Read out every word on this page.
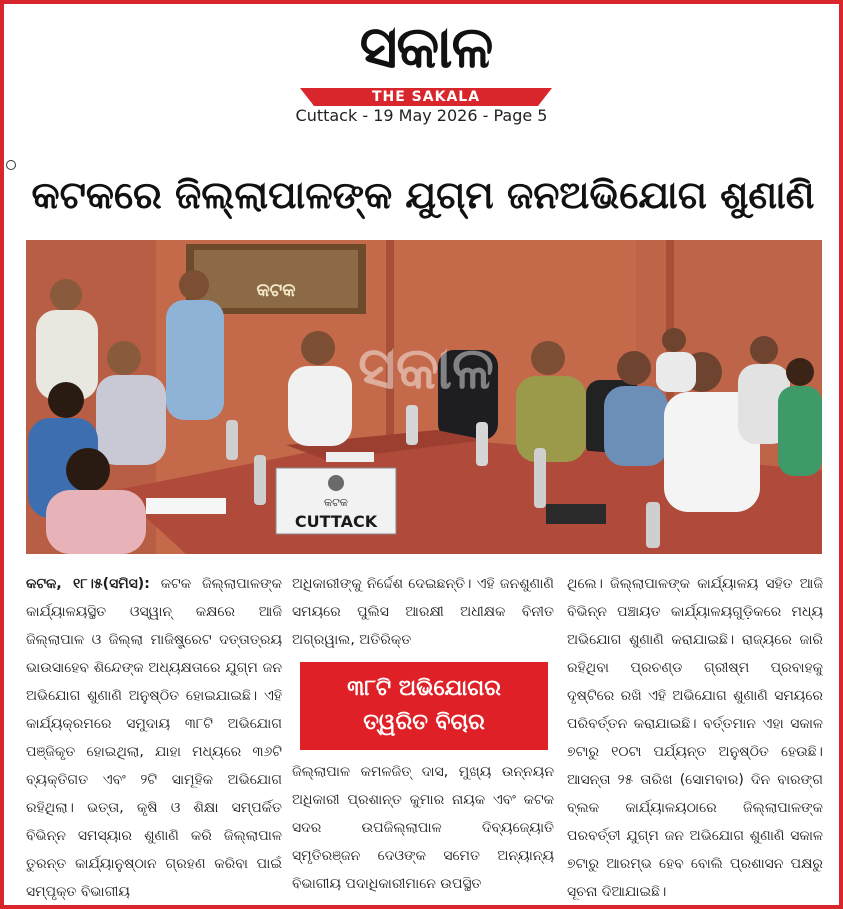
ସକାଳ
THE SAKALA
Cuttack - 19 May 2026 - Page 5
କଟକରେ ଜିଲ୍ଲାପାଳଙ୍କ ଯୁଗ୍ମ ଜନଅଭିଯୋଗ ଶୁଣାଣି
କଟକ
କଟକ
CUTTACK
ସକାଳ
କଟକ, ୧୮।୫(ସମିସ): କଟକ ଜିଲ୍ଲାପାଳଙ୍କ କାର୍ଯ୍ୟାଳୟସ୍ଥିତ ଓସ୍ୱାନ୍ କକ୍ଷରେ ଆଜି ଜିଲ୍ଲାପାଳ ଓ ଜିଲ୍ଲା ମାଜିଷ୍ଟ୍ରେଟ ଦତ୍ତାତ୍ରୟ ଭାଉସାହେବ ଶିନ୍ଦେଙ୍କ ଅଧ୍ୟକ୍ଷତାରେ ଯୁଗ୍ମ ଜନ ଅଭିଯୋଗ ଶୁଣାଣି ଅନୁଷ୍ଠିତ ହୋଇଯାଇଛି। ଏହି କାର୍ଯ୍ୟକ୍ରମରେ ସମୁଦାୟ ୩୮ଟି ଅଭିଯୋଗ ପଞ୍ଜିକୃତ ହୋଇଥିଲା, ଯାହା ମଧ୍ୟରେ ୩୬ଟି ବ୍ୟକ୍ତିଗତ ଏବଂ ୨ଟି ସାମୂହିକ ଅଭିଯୋଗ ରହିଥିଲା। ଭତ୍ତା, କୃଷି ଓ ଶିକ୍ଷା ସମ୍ପର୍କିତ ବିଭିନ୍ନ ସମସ୍ୟାର ଶୁଣାଣି କରି ଜିଲ୍ଲାପାଳ ତୁରନ୍ତ କାର୍ଯ୍ୟାନୁଷ୍ଠାନ ଗ୍ରହଣ କରିବା ପାଇଁ ସମ୍ପୃକ୍ତ ବିଭାଗୀୟ
ଅଧିକାରୀଙ୍କୁ ନିର୍ଦ୍ଦେଶ ଦେଇଛନ୍ତି। ଏହି ଜନଶୁଣାଣି ସମୟରେ ପୁଲିସ ଆରକ୍ଷୀ ଅଧୀକ୍ଷକ ବିନୀତ ଅଗ୍ରୱାଲ, ଅତିରିକ୍ତ
୩୮ଟି ଅଭିଯୋଗର
ତ୍ୱରିତ ବିଚାର
ଜିଲ୍ଲାପାଳ କମଳଜିତ୍ ଦାସ, ମୁଖ୍ୟ ଉନ୍ନୟନ ଅଧିକାରୀ ପ୍ରଶାନ୍ତ କୁମାର ନାୟକ ଏବଂ କଟକ ସଦର ଉପଜିଲ୍ଲାପାଳ ଦିବ୍ୟଜ୍ୟୋତି ସ୍ମୃତିରଞ୍ଜନ ଦେଓଙ୍କ ସମେତ ଅନ୍ୟାନ୍ୟ ବିଭାଗୀୟ ପଦାଧିକାରୀମାନେ ଉପସ୍ଥିତ
ଥିଲେ। ଜିଲ୍ଲାପାଳଙ୍କ କାର୍ଯ୍ୟାଳୟ ସହିତ ଆଜି ବିଭିନ୍ନ ପଞ୍ଚାୟତ କାର୍ଯ୍ୟାଳୟଗୁଡ଼ିକରେ ମଧ୍ୟ ଅଭିଯୋଗ ଶୁଣାଣି କରାଯାଇଛି। ରାଜ୍ୟରେ ଜାରି ରହିଥିବା ପ୍ରଚଣ୍ଡ ଗ୍ରୀଷ୍ମ ପ୍ରବାହକୁ ଦୃଷ୍ଟିରେ ରଖି ଏହି ଅଭିଯୋଗ ଶୁଣାଣି ସମୟରେ ପରିବର୍ତ୍ତନ କରାଯାଇଛି। ବର୍ତ୍ତମାନ ଏହା ସକାଳ ୭ଟାରୁ ୧୦ଟା ପର୍ଯ୍ୟନ୍ତ ଅନୁଷ୍ଠିତ ହେଉଛି। ଆସନ୍ତା ୨୫ ତାରିଖ (ସୋମବାର) ଦିନ ବାରଙ୍ଗ ବ୍ଲକ କାର୍ଯ୍ୟାଳୟଠାରେ ଜିଲ୍ଲାପାଳଙ୍କ ପରବର୍ତ୍ତୀ ଯୁଗ୍ମ ଜନ ଅଭିଯୋଗ ଶୁଣାଣି ସକାଳ ୭ଟାରୁ ଆରମ୍ଭ ହେବ ବୋଲି ପ୍ରଶାସନ ପକ୍ଷରୁ ସୂଚନା ଦିଆଯାଇଛି।
